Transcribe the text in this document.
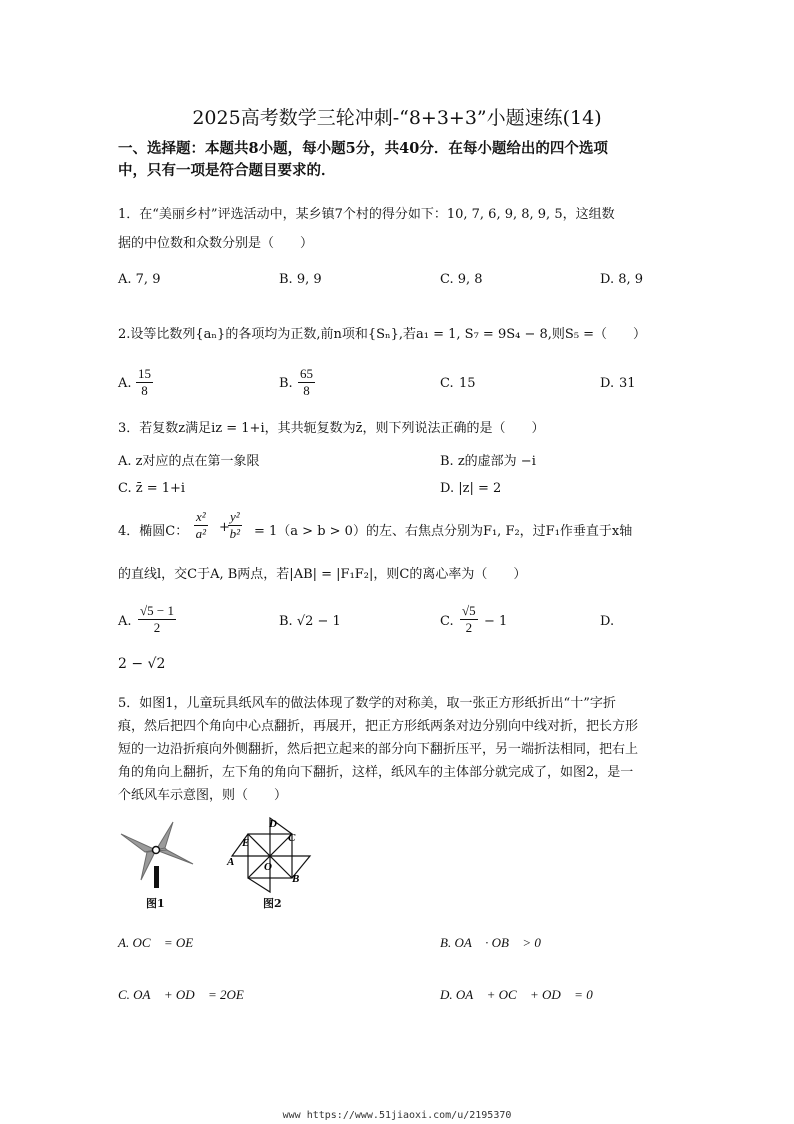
2025高考数学三轮冲刺-“8+3+3”小题速练(14)
一、选择题：本题共8小题，每小题5分，共40分．在每小题给出的四个选项
中，只有一项是符合题目要求的．
1．在“美丽乡村”评选活动中，某乡镇7个村的得分如下：10, 7, 6, 9, 8, 9, 5，这组数
据的中位数和众数分别是（　　）
A. 7, 9	B. 9, 9	C. 9, 8	D. 8, 9
2.设等比数列{aₙ}的各项均为正数,前n项和{Sₙ},若a₁ = 1, S₇ = 9S₄ − 8,则S₅ =（　　）
A. $\frac{15}{8}$	B. $\frac{65}{8}$	C. 15	D. 31
3．若复数z满足iz = 1+i，其共轭复数为z̄，则下列说法正确的是（　　）
A. z对应的点在第一象限	B. z的虚部为 −i
C. z̄ = 1+i	D. |z| = 2
4．椭圆C： $\frac{\text{x²}}{\text{a²}}$ +
$\frac{\text{y²}}{\text{b²}} = 1(a > b > 0)$的左、右焦点分别为F₁, F₂，过F₁作垂直于x轴
的直线l，交C于A, B两点，若|AB| = |F₁F₂|，则C的离心率为（　　）
A. $\frac{√5 - 1}{2}$	B. √2 − 1	C. $\frac{√5}{2} - 1$	D.
2 − √2
5．如图1，儿童玩具纸风车的做法体现了数学的对称美，取一张正方形纸折出“十”字折
痕，然后把四个角向中心点翻折，再展开，把正方形纸两条对边分别向中线对折，把长方形
短的一边沿折痕向外侧翻折，然后把立起来的部分向下翻折压平，另一端折法相同，把右上
角的角向上翻折，左下角的角向下翻折，这样，纸风车的主体部分就完成了，如图2，是一
个纸风车示意图，则（　　）
图1
D
C
E
A	O
B
图2
A. OC⃗ = OE⃗	B. OA⃗ · OB⃗ > 0
C. OA⃗ + OD⃗ = 2OE⃗	D. OA⃗ + OC⃗ + OD⃗ = 0⃗
www https://www.51jiaoxi.com/u/2195370
